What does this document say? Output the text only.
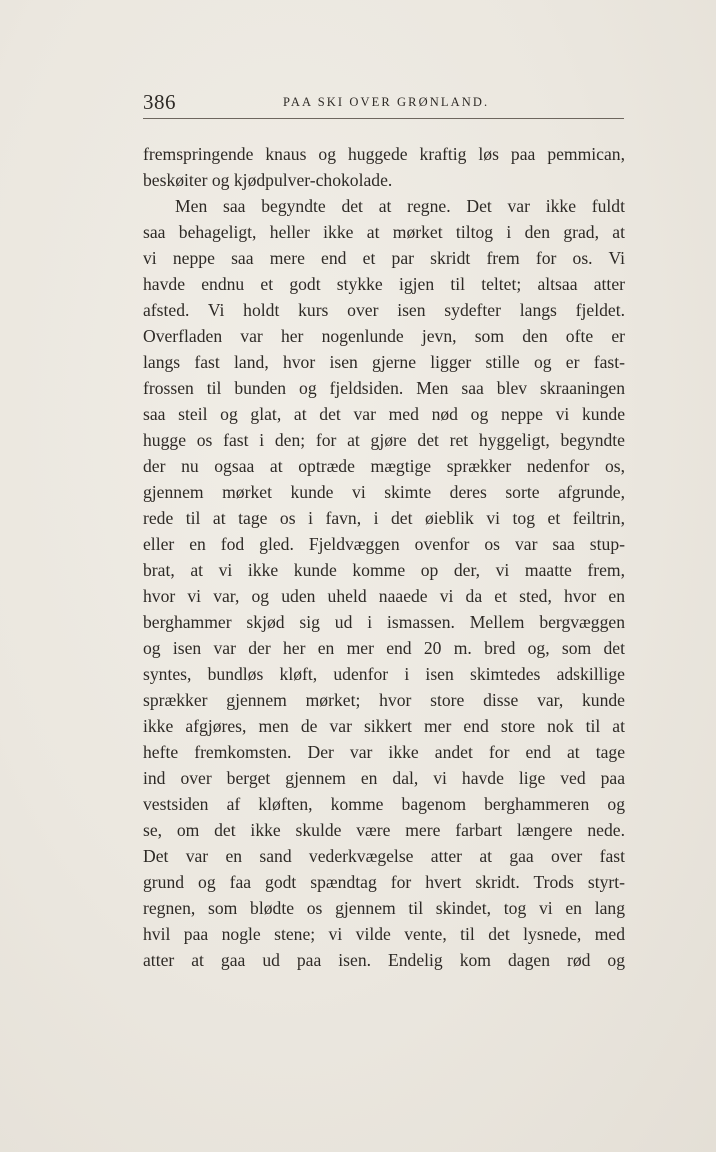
386	PAA SKI OVER GRØNLAND.
fremspringende knaus og huggede kraftig løs paa pemmican,
beskøiter og kjødpulver-chokolade.
Men saa begyndte det at regne. Det var ikke fuldt
saa behageligt, heller ikke at mørket tiltog i den grad, at
vi neppe saa mere end et par skridt frem for os. Vi
havde endnu et godt stykke igjen til teltet; altsaa atter
afsted. Vi holdt kurs over isen sydefter langs fjeldet.
Overfladen var her nogenlunde jevn, som den ofte er
langs fast land, hvor isen gjerne ligger stille og er fast-
frossen til bunden og fjeldsiden. Men saa blev skraaningen
saa steil og glat, at det var med nød og neppe vi kunde
hugge os fast i den; for at gjøre det ret hyggeligt, begyndte
der nu ogsaa at optræde mægtige sprækker nedenfor os,
gjennem mørket kunde vi skimte deres sorte afgrunde,
rede til at tage os i favn, i det øieblik vi tog et feiltrin,
eller en fod gled. Fjeldvæggen ovenfor os var saa stup-
brat, at vi ikke kunde komme op der, vi maatte frem,
hvor vi var, og uden uheld naaede vi da et sted, hvor en
berghammer skjød sig ud i ismassen. Mellem bergvæggen
og isen var der her en mer end 20 m. bred og, som det
syntes, bundløs kløft, udenfor i isen skimtedes adskillige
sprækker gjennem mørket; hvor store disse var, kunde
ikke afgjøres, men de var sikkert mer end store nok til at
hefte fremkomsten. Der var ikke andet for end at tage
ind over berget gjennem en dal, vi havde lige ved paa
vestsiden af kløften, komme bagenom berghammeren og
se, om det ikke skulde være mere farbart længere nede.
Det var en sand vederkvægelse atter at gaa over fast
grund og faa godt spændtag for hvert skridt. Trods styrt-
regnen, som blødte os gjennem til skindet, tog vi en lang
hvil paa nogle stene; vi vilde vente, til det lysnede, med
atter at gaa ud paa isen. Endelig kom dagen rød og
